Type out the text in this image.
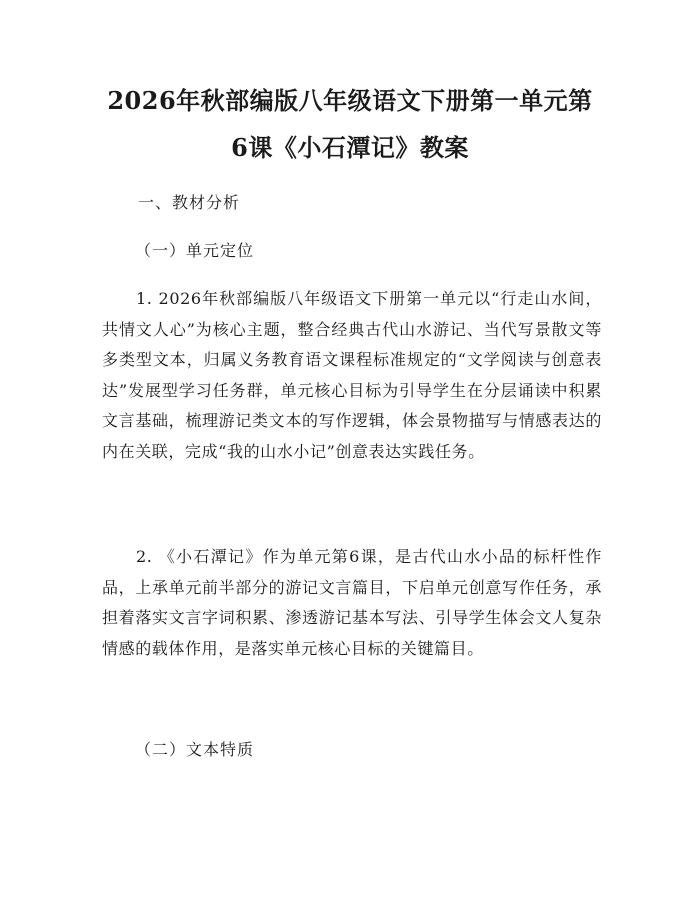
2026年秋部编版八年级语文下册第一单元第
6课《小石潭记》教案

一、教材分析

（一）单元定位

1. 2026年秋部编版八年级语文下册第一单元以“行走山水间，共情文人心”为核心主题，整合经典古代山水游记、当代写景散文等多类型文本，归属义务教育语文课程标准规定的“文学阅读与创意表达”发展型学习任务群，单元核心目标为引导学生在分层诵读中积累文言基础，梳理游记类文本的写作逻辑，体会景物描写与情感表达的内在关联，完成“我的山水小记”创意表达实践任务。

2. 《小石潭记》作为单元第6课，是古代山水小品的标杆性作品，上承单元前半部分的游记文言篇目，下启单元创意写作任务，承担着落实文言字词积累、渗透游记基本写法、引导学生体会文人复杂情感的载体作用，是落实单元核心目标的关键篇目。

（二）文本特质
